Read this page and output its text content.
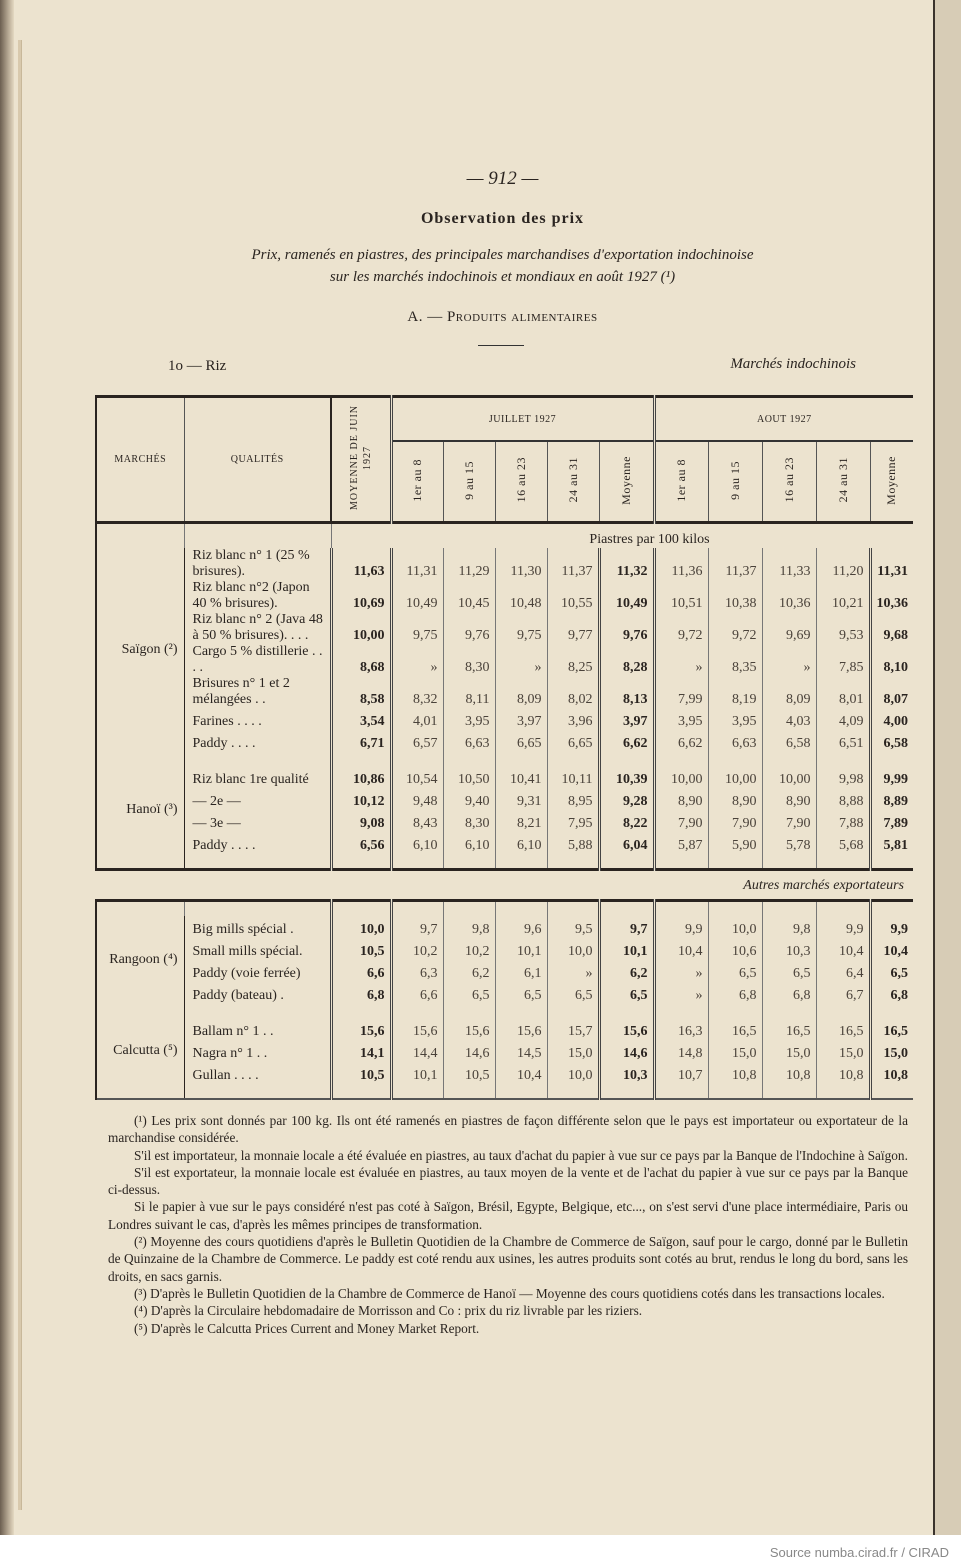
— 912 —
Observation des prix
Prix, ramenés en piastres, des principales marchandises d'exportation indochinoise
sur les marchés indochinois et mondiaux en août 1927 (¹)
A. — Produits alimentaires
1o — Riz	Marchés indochinois
MARCHÉS	QUALITÉS	MOYENNE DE JUIN 1927	JUILLET 1927					AOUT 1927				
			1er au 8	9 au 15	16 au 23	24 au 31	Moyenne	1er au 8	9 au 15	16 au 23	24 au 31	Moyenne
			Piastres par 100 kilos									
Saïgon (²)	Riz blanc n° 1 (25 % brisures).	11,63	11,31	11,29	11,30	11,37	11,32	11,36	11,37	11,33	11,20	11,31
	Riz blanc n°2 (Japon 40 % brisures).	10,69	10,49	10,45	10,48	10,55	10,49	10,51	10,38	10,36	10,21	10,36
	Riz blanc n° 2 (Java 48 à 50 % brisures). . . .	10,00	9,75	9,76	9,75	9,77	9,76	9,72	9,72	9,69	9,53	9,68
	Cargo 5 % distillerie . . . .	8,68	»	8,30	»	8,25	8,28	»	8,35	»	7,85	8,10
	Brisures n° 1 et 2 mélangées . .	8,58	8,32	8,11	8,09	8,02	8,13	7,99	8,19	8,09	8,01	8,07
	Farines . . . .	3,54	4,01	3,95	3,97	3,96	3,97	3,95	3,95	4,03	4,09	4,00
	Paddy . . . .	6,71	6,57	6,63	6,65	6,65	6,62	6,62	6,63	6,58	6,51	6,58

Hanoï (³)	Riz blanc 1re qualité	10,86	10,54	10,50	10,41	10,11	10,39	10,00	10,00	10,00	9,98	9,99
	— 2e —	10,12	9,48	9,40	9,31	8,95	9,28	8,90	8,90	8,90	8,88	8,89
	— 3e —	9,08	8,43	8,30	8,21	7,95	8,22	7,90	7,90	7,90	7,88	7,89
	Paddy . . . .	6,56	6,10	6,10	6,10	5,88	6,04	5,87	5,90	5,78	5,68	5,81

Autres marchés exportateurs

Rangoon (⁴)	Big mills spécial .	10,0	9,7	9,8	9,6	9,5	9,7	9,9	10,0	9,8	9,9	9,9
	Small mills spécial.	10,5	10,2	10,2	10,1	10,0	10,1	10,4	10,6	10,3	10,4	10,4
	Paddy (voie ferrée)	6,6	6,3	6,2	6,1	»	6,2	»	6,5	6,5	6,4	6,5
	Paddy (bateau) .	6,8	6,6	6,5	6,5	6,5	6,5	»	6,8	6,8	6,7	6,8

Calcutta (⁵)	Ballam n° 1 . .	15,6	15,6	15,6	15,6	15,7	15,6	16,3	16,5	16,5	16,5	16,5
	Nagra n° 1 . .	14,1	14,4	14,6	14,5	15,0	14,6	14,8	15,0	15,0	15,0	15,0
	Gullan . . . .	10,5	10,1	10,5	10,4	10,0	10,3	10,7	10,8	10,8	10,8	10,8

(¹) Les prix sont donnés par 100 kg. Ils ont été ramenés en piastres de façon différente selon que le pays est importateur ou exportateur de la marchandise considérée.

S'il est importateur, la monnaie locale a été évaluée en piastres, au taux d'achat du papier à vue sur ce pays par la Banque de l'Indochine à Saïgon.

S'il est exportateur, la monnaie locale est évaluée en piastres, au taux moyen de la vente et de l'achat du papier à vue sur ce pays par la Banque ci-dessus.

Si le papier à vue sur le pays considéré n'est pas coté à Saïgon, Brésil, Egypte, Belgique, etc..., on s'est servi d'une place intermédiaire, Paris ou Londres suivant le cas, d'après les mêmes principes de transformation.

(²) Moyenne des cours quotidiens d'après le Bulletin Quotidien de la Chambre de Commerce de Saïgon, sauf pour le cargo, donné par le Bulletin de Quinzaine de la Chambre de Commerce. Le paddy est coté rendu aux usines, les autres produits sont cotés au brut, rendus le long du bord, sans les droits, en sacs garnis.

(³) D'après le Bulletin Quotidien de la Chambre de Commerce de Hanoï — Moyenne des cours quotidiens cotés dans les transactions locales.

(⁴) D'après la Circulaire hebdomadaire de Morrisson and Co : prix du riz livrable par les riziers.

(⁵) D'après le Calcutta Prices Current and Money Market Report.

Source numba.cirad.fr / CIRAD
